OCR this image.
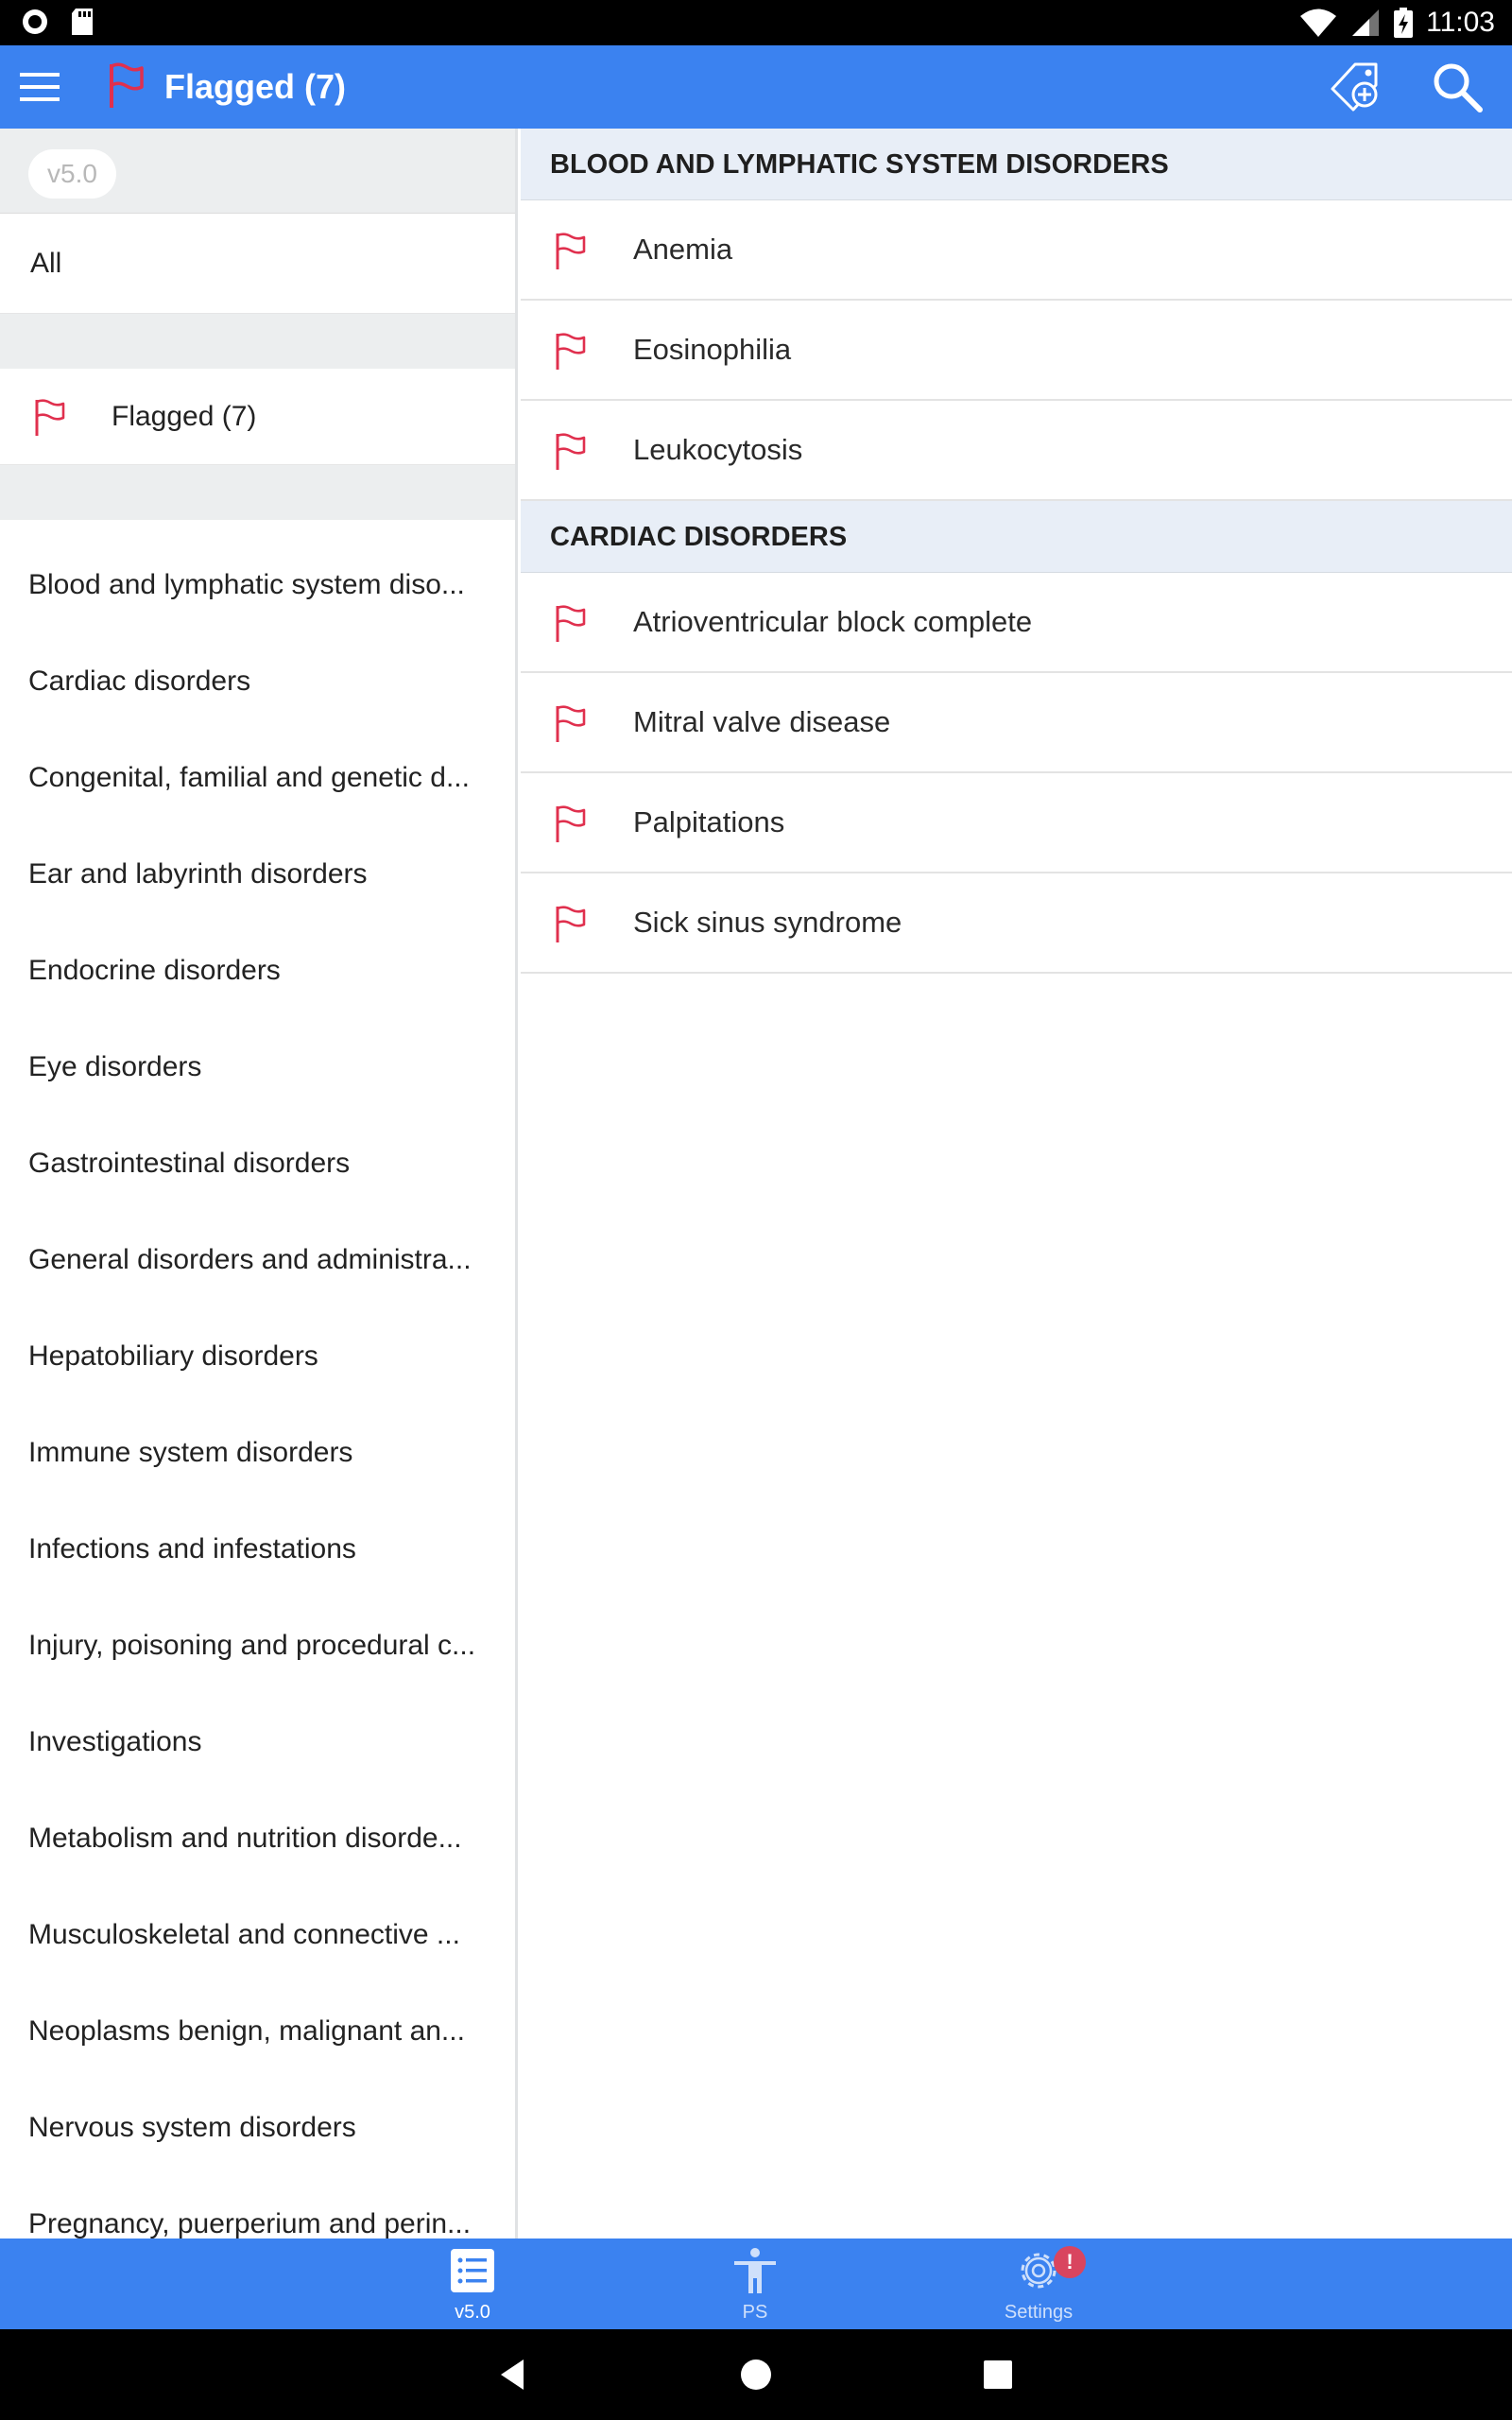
11:03
Flagged (7)
v5.0
All
Flagged (7)
Blood and lymphatic system diso...
Cardiac disorders
Congenital, familial and genetic d...
Ear and labyrinth disorders
Endocrine disorders
Eye disorders
Gastrointestinal disorders
General disorders and administra...
Hepatobiliary disorders
Immune system disorders
Infections and infestations
Injury, poisoning and procedural c...
Investigations
Metabolism and nutrition disorde...
Musculoskeletal and connective ...
Neoplasms benign, malignant an...
Nervous system disorders
Pregnancy, puerperium and perin...
BLOOD AND LYMPHATIC SYSTEM DISORDERS
Anemia
Eosinophilia
Leukocytosis
CARDIAC DISORDERS
Atrioventricular block complete
Mitral valve disease
Palpitations
Sick sinus syndrome
v5.0	PS
!
Settings
